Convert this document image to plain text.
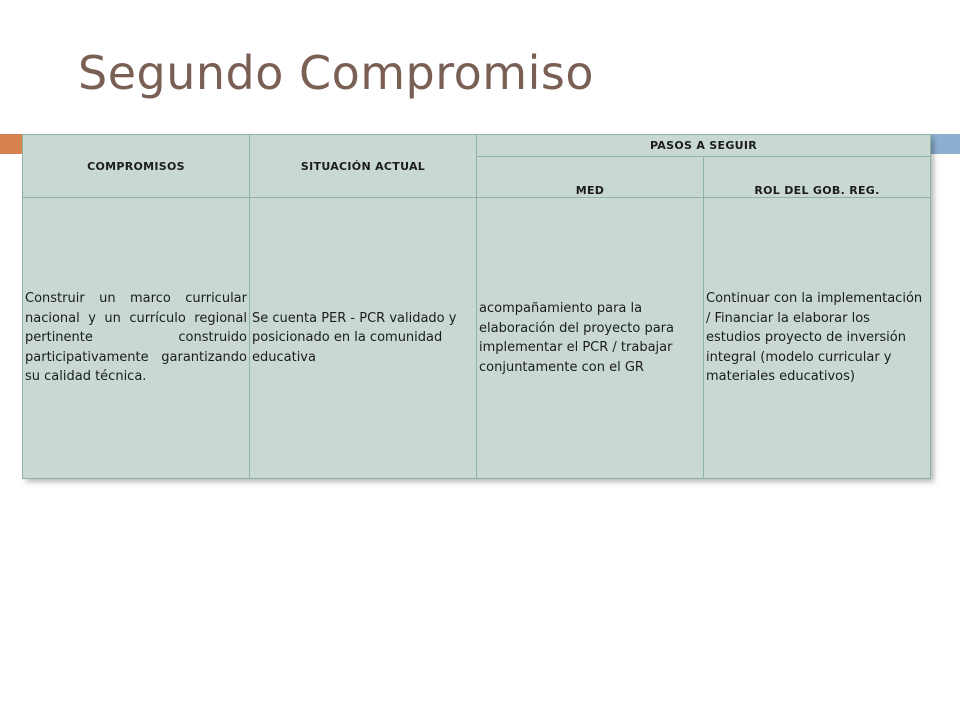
Segundo Compromiso
COMPROMISOS	SITUACIÓN ACTUAL	PASOS A SEGUIR	
		MED	ROL DEL GOB. REG.
Construir un marco curricular nacional y un currículo regional pertinente construido participativamente garantizando su calidad técnica.	Se cuenta PER - PCR validado y posicionado en la comunidad educativa	acompañamiento para la elaboración del proyecto para implementar el PCR / trabajar conjuntamente con el GR	Continuar con la implementación / Financiar la elaborar los estudios proyecto de inversión integral (modelo curricular y materiales educativos)
